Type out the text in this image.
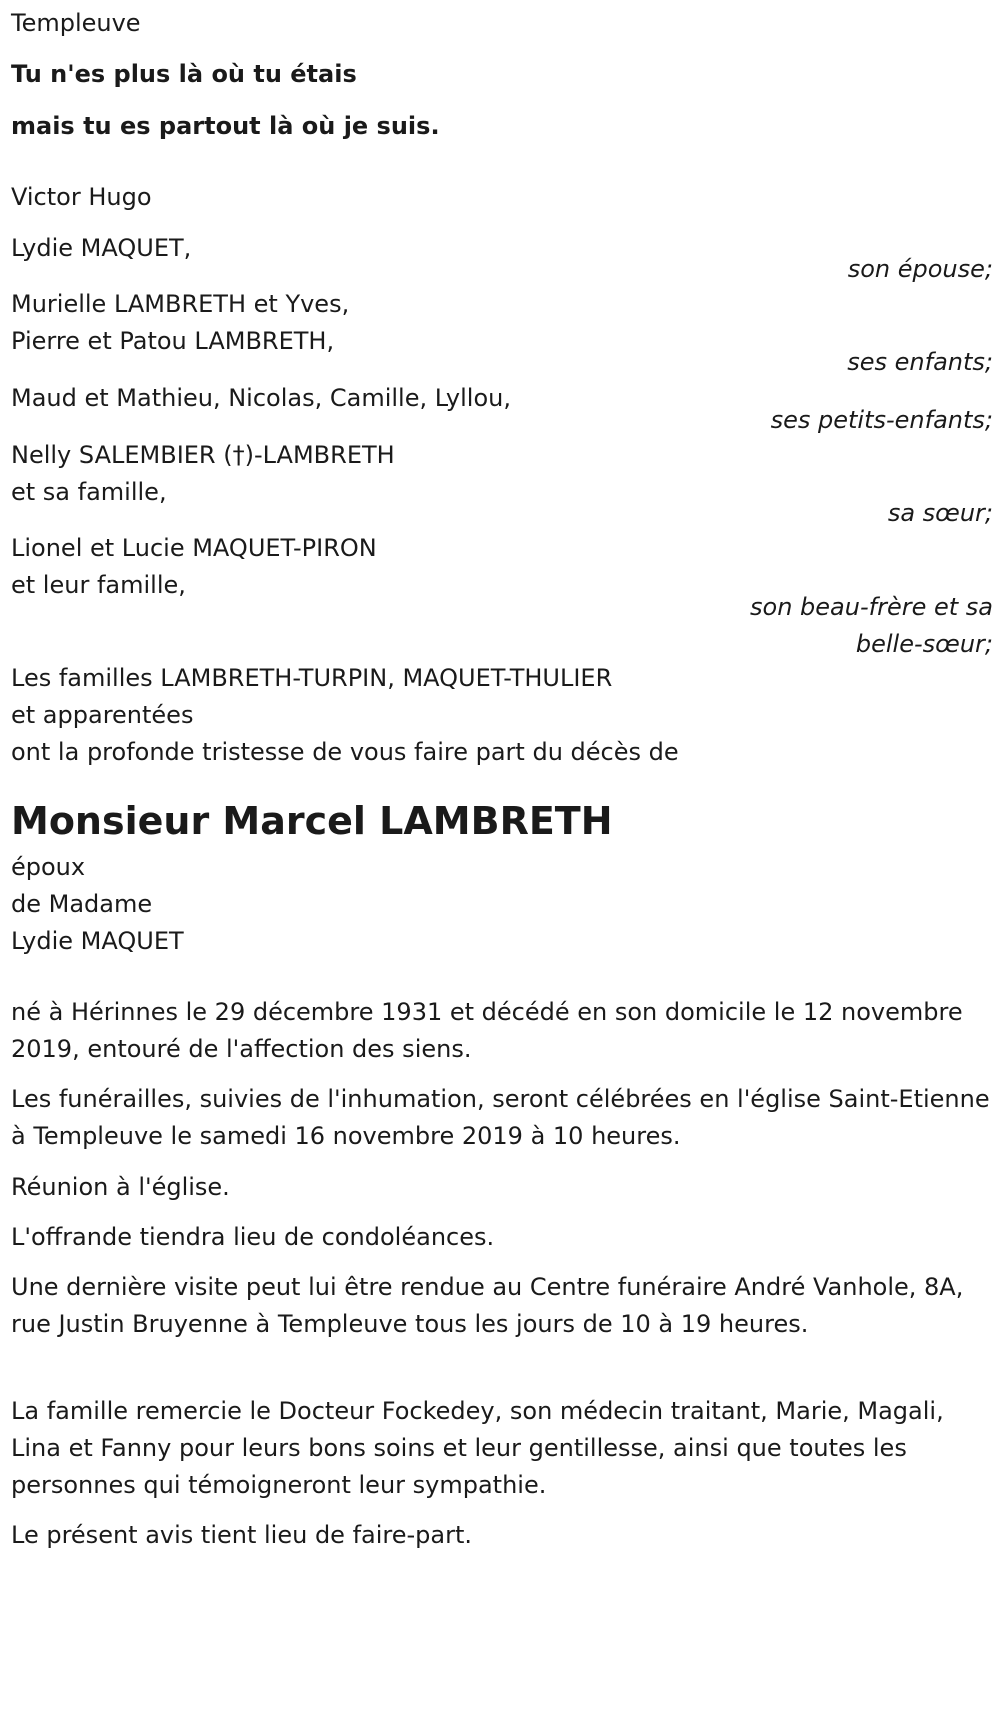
Templeuve
Tu n'es plus là où tu étais
mais tu es partout là où je suis.
Victor Hugo
Lydie MAQUET,
son épouse;
Murielle LAMBRETH et Yves,
Pierre et Patou LAMBRETH,
ses enfants;
Maud et Mathieu, Nicolas, Camille, Lyllou,
ses petits-enfants;
Nelly SALEMBIER (†)-LAMBRETH
et sa famille,
sa sœur;
Lionel et Lucie MAQUET-PIRON
et leur famille,
son beau-frère et sa
belle-sœur;
Les familles LAMBRETH-TURPIN, MAQUET-THULIER
et apparentées
ont la profonde tristesse de vous faire part du décès de
Monsieur Marcel LAMBRETH
époux
de Madame
Lydie MAQUET
né à Hérinnes le 29 décembre 1931 et décédé en son domicile le 12 novembre 2019, entouré de l'affection des siens.
Les funérailles, suivies de l'inhumation, seront célébrées en l'église Saint-Etienne à Templeuve le samedi 16 novembre 2019 à 10 heures.
Réunion à l'église.
L'offrande tiendra lieu de condoléances.
Une dernière visite peut lui être rendue au Centre funéraire André Vanhole, 8A, rue Justin Bruyenne à Templeuve tous les jours de 10 à 19 heures.
La famille remercie le Docteur Fockedey, son médecin traitant, Marie, Magali, Lina et Fanny pour leurs bons soins et leur gentillesse, ainsi que toutes les personnes qui témoigneront leur sympathie.
Le présent avis tient lieu de faire-part.
